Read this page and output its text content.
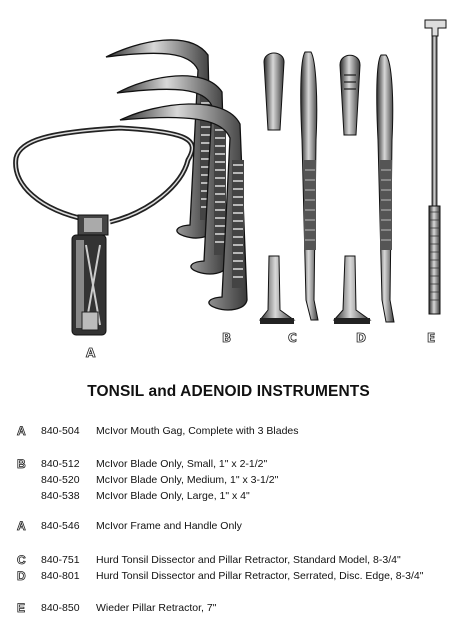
A
B	C	D	E
TONSIL and ADENOID INSTRUMENTS
A 840-504 McIvor Mouth Gag, Complete with 3 Blades
B 840-512 McIvor Blade Only, Small, 1" x 2-1/2"
840-520 McIvor Blade Only, Medium, 1" x 3-1/2"
840-538 McIvor Blade Only, Large, 1" x 4"
A 840-546 McIvor Frame and Handle Only
C 840-751 Hurd Tonsil Dissector and Pillar Retractor, Standard Model, 8-3/4"
D 840-801 Hurd Tonsil Dissector and Pillar Retractor, Serrated, Disc. Edge, 8-3/4"
E 840-850 Wieder Pillar Retractor, 7"
